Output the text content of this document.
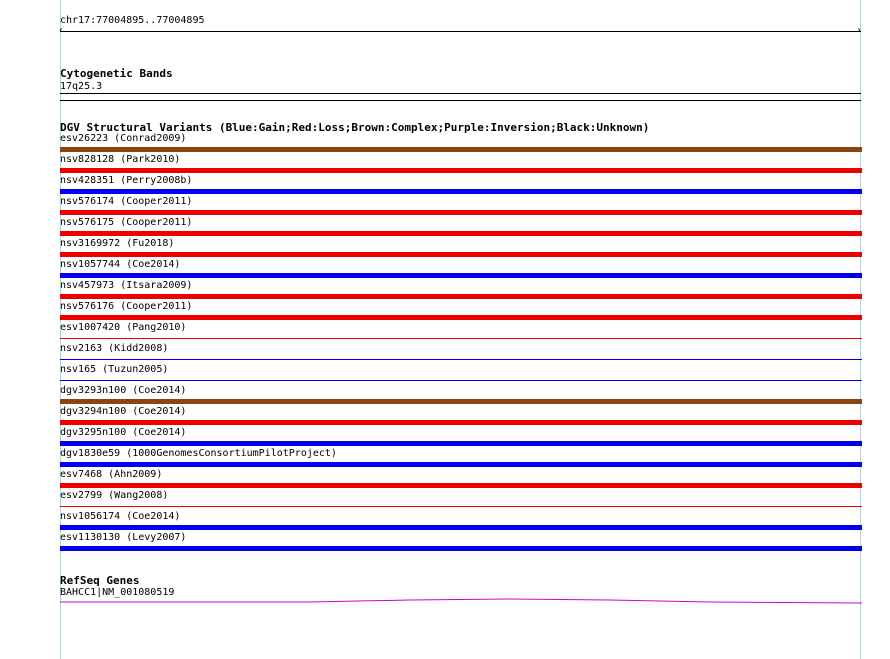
chr17:77004895..77004895
‹	›
Cytogenetic Bands
17q25.3
DGV Structural Variants (Blue:Gain;Red:Loss;Brown:Complex;Purple:Inversion;Black:Unknown)
esv26223 (Conrad2009)
nsv828128 (Park2010)
nsv428351 (Perry2008b)
nsv576174 (Cooper2011)
nsv576175 (Cooper2011)
nsv3169972 (Fu2018)
nsv1057744 (Coe2014)
nsv457973 (Itsara2009)
nsv576176 (Cooper2011)
esv1007420 (Pang2010)
nsv2163 (Kidd2008)
nsv165 (Tuzun2005)
dgv3293n100 (Coe2014)
dgv3294n100 (Coe2014)
dgv3295n100 (Coe2014)
dgv1830e59 (1000GenomesConsortiumPilotProject)
esv7468 (Ahn2009)
esv2799 (Wang2008)
nsv1056174 (Coe2014)
esv1130130 (Levy2007)
RefSeq Genes
BAHCC1|NM_001080519
